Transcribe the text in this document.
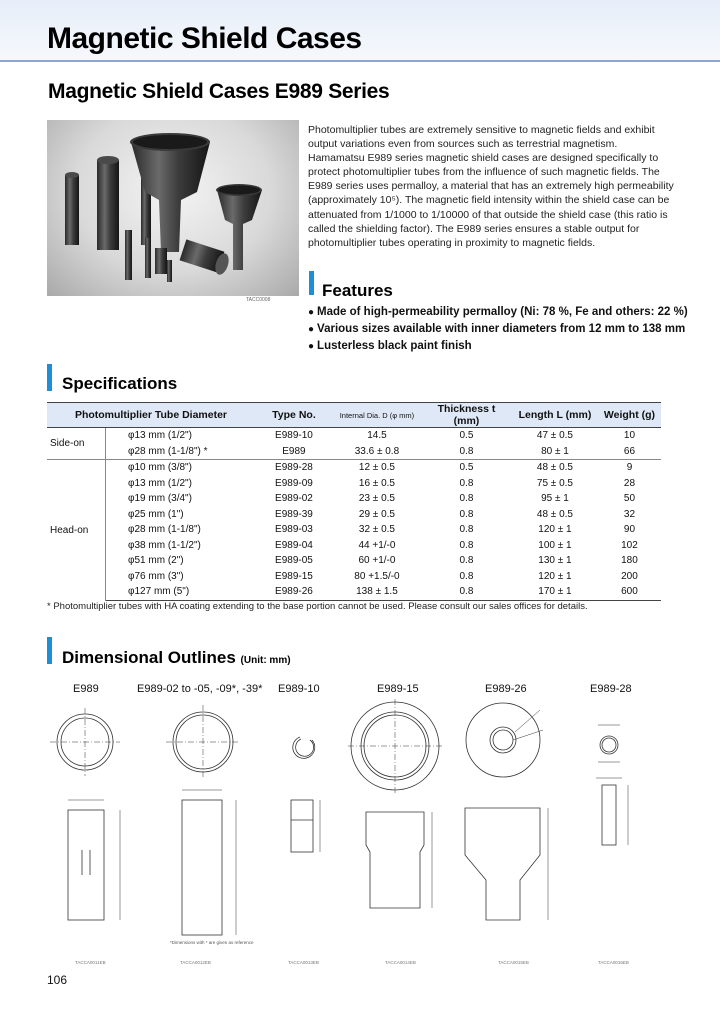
Magnetic Shield Cases
Magnetic Shield Cases E989 Series
TACC0008

Photomultiplier tubes are extremely sensitive to magnetic fields and exhibit output variations even from sources such as terrestrial magnetism. Hamamatsu E989 series magnetic shield cases are designed specifically to protect photomultiplier tubes from the influence of such magnetic fields. The E989 series uses permalloy, a material that has an extremely high permeability (approximately 10⁵). The magnetic field intensity within the shield case can be attenuated from 1/1000 to 1/10000 of that outside the shield case (this ratio is called the shielding factor). The E989 series ensures a stable output for photomultiplier tubes operating in proximity to magnetic fields.

Features
● Made of high-permeability permalloy (Ni: 78 %, Fe and others: 22 %)
● Various sizes available with inner diameters from 12 mm to 138 mm
● Lusterless black paint finish
Specifications
Photomultiplier Tube Diameter		Type No.	Internal Dia. D (φ mm)	Thickness t (mm)	Length L (mm)	Weight (g)
Side-on	φ13 mm (1/2")	E989-10	14.5	0.5	47 ± 0.5	10
	φ28 mm (1-1/8") *	E989	33.6 ± 0.8	0.8	80 ± 1	66
Head-on	φ10 mm (3/8")	E989-28	12 ± 0.5	0.5	48 ± 0.5	9
	φ13 mm (1/2")	E989-09	16 ± 0.5	0.8	75 ± 0.5	28
	φ19 mm (3/4")	E989-02	23 ± 0.5	0.8	95 ± 1	50
	φ25 mm (1")	E989-39	29 ± 0.5	0.8	48 ± 0.5	32
	φ28 mm (1-1/8")	E989-03	32 ± 0.5	0.8	120 ± 1	90
	φ38 mm (1-1/2")	E989-04	44 +1/-0	0.8	100 ± 1	102
	φ51 mm (2")	E989-05	60 +1/-0	0.8	130 ± 1	180
	φ76 mm (3")	E989-15	80 +1.5/-0	0.8	120 ± 1	200
	φ127 mm (5")	E989-26	138 ± 1.5	0.8	170 ± 1	600

* Photomultiplier tubes with HA coating extending to the base portion cannot be used. Please consult our sales offices for details.

Dimensional Outlines (Unit: mm)
E989	E989-02 to -05, -09*, -39* E989-10	E989-15	E989-26	E989-28
*Dimensions with * are given as reference
TACCA0011EB	TACCA0012EB	TACCA0013EB	TACCA0014EB	TACCA0015EB	TACCA0016EB
106
